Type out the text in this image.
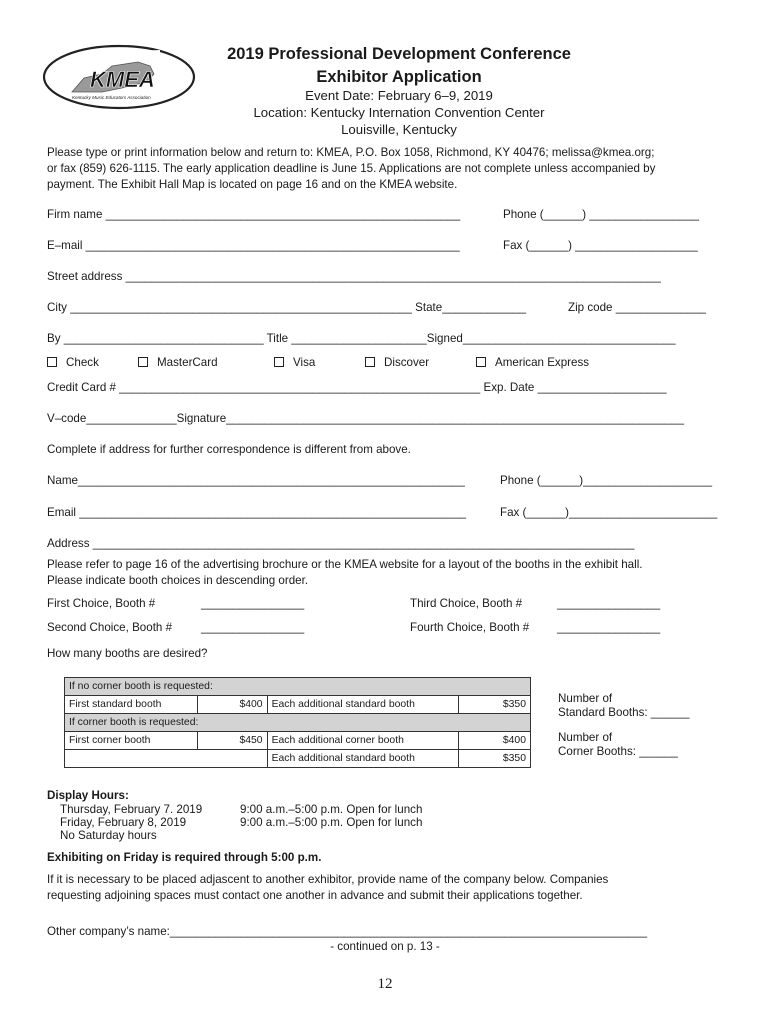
KMEA
Kentucky Music Educators Association
2019 Professional Development Conference
Exhibitor Application
Event Date: February 6–9, 2019
Location: Kentucky Internation Convention Center
Louisville, Kentucky
Please type or print information below and return to: KMEA, P.O. Box 1058, Richmond, KY 40476; melissa@kmea.org;
or fax (859) 626-1115. The early application deadline is June 15. Applications are not complete unless accompanied by
payment. The Exhibit Hall Map is located on page 16 and on the KMEA website.
Firm name _______________________________________________________	Phone (______) _________________
E–mail __________________________________________________________	Fax (______) ___________________
Street address ___________________________________________________________________________________
City _____________________________________________________ State_____________	Zip code ______________
By _______________________________ Title _____________________Signed_________________________________
Check	MasterCard	Visa	Discover	American Express
Credit Card # ________________________________________________________ Exp. Date ____________________
V–code______________Signature_______________________________________________________________________
Complete if address for further correspondence is different from above.
Name____________________________________________________________	Phone (______)____________________
Email ____________________________________________________________	Fax (______)_______________________
Address ____________________________________________________________________________________
Please refer to page 16 of the advertising brochure or the KMEA website for a layout of the booths in the exhibit hall.
Please indicate booth choices in descending order.
First Choice, Booth #	________________	Third Choice, Booth #	________________
Second Choice, Booth # ________________	Fourth Choice, Booth # ________________
How many booths are desired?
If no corner booth is requested:			
First standard booth	$400	Each additional standard booth	$350
If corner booth is requested:			
First corner booth	$450	Each additional corner booth	$400
		Each additional standard booth	$350
Number of
Standard Booths: ______
Number of
Corner Booths: ______
Display Hours:
Thursday, February 7. 2019	9:00 a.m.–5:00 p.m. Open for lunch
Friday, February 8, 2019	9:00 a.m.–5:00 p.m. Open for lunch
No Saturday hours
Exhibiting on Friday is required through 5:00 p.m.
If it is necessary to be placed adjascent to another exhibitor, provide name of the company below. Companies
requesting adjoining spaces must contact one another in advance and submit their applications together.
Other company’s name:__________________________________________________________________________
- continued on p. 13 -
12
